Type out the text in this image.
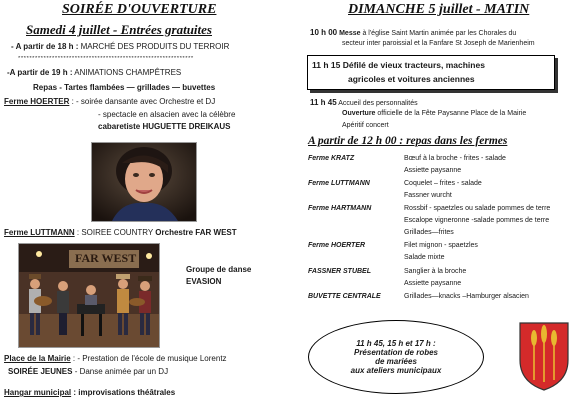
SOIRÉE D'OUVERTURE
Samedi 4 juillet - Entrées gratuites
- A partir de 18 h : MARCHÉ DES PRODUITS DU TERROIR
**************************************************************
-A partir de 19 h : ANIMATIONS CHAMPÊTRES
Repas - Tartes flambées — grillades — buvettes
Ferme HOERTER : - soirée dansante avec Orchestre et DJ
- spectacle en alsacien avec la célèbre
cabaretiste HUGUETTE DREIKAUS
Ferme LUTTMANN : SOIREE COUNTRY Orchestre FAR WEST
FAR WEST
Groupe de danse
EVASION
Place de la Mairie : - Prestation de l'école de musique Lorentz
SOIRÉE JEUNES - Danse animée par un DJ
Hangar municipal : improvisations théâtrales
DIMANCHE 5 juillet - MATIN
10 h 00 Messe à l'église Saint Martin animée par les Chorales du
secteur inter paroissial et la Fanfare St Joseph de Marienheim
11 h 15 Défilé de vieux tracteurs, machines
agricoles et voitures anciennes
11 h 45 Accueil des personnalités
Ouverture officielle de la Fête Paysanne Place de la Mairie
Apéritif concert
A partir de 12 h 00 : repas dans les fermes
Ferme KRATZ	Bœuf à la broche - frites - salade
Assiette paysanne
Ferme LUTTMANN	Coquelet – frites - salade
Fassner wurcht
Ferme HARTMANN	Rossbif - spaetzles ou salade pommes de terre
Escalope vigneronne -salade pommes de terre
Grillades—frites
Ferme HOERTER	Filet mignon - spaetzles
Salade mixte
FASSNER STUBEL	Sanglier à la broche
Assiette paysanne
BUVETTE CENTRALE	Grillades—knacks –Hamburger alsacien
11 h 45, 15 h et 17 h :
Présentation de robes
de mariées
aux ateliers municipaux
